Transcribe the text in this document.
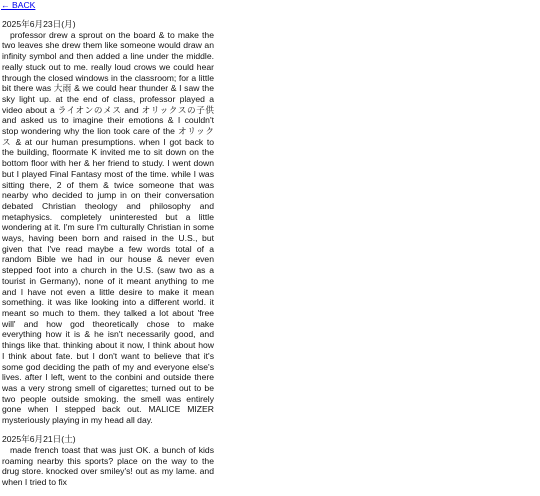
← BACK

2025年6月23日(月)

professor drew a sprout on the board & to make the two leaves she drew them like someone would draw an infinity symbol and then added a line under the middle. really stuck out to me. really loud crows we could hear through the closed windows in the classroom; for a little bit there was 大雨 & we could hear thunder & I saw the sky light up. at the end of class, professor played a video about a ライオンのメス and オリックスの子供 and asked us to imagine their emotions & I couldn't stop wondering why the lion took care of the オリックス & at our human presumptions. when I got back to the building, floormate K invited me to sit down on the bottom floor with her & her friend to study. I went down but I played Final Fantasy most of the time. while I was sitting there, 2 of them & twice someone that was nearby who decided to jump in on their conversation debated Christian theology and philosophy and metaphysics. completely uninterested but a little wondering at it. I'm sure I'm culturally Christian in some ways, having been born and raised in the U.S., but given that I've read maybe a few words total of a random Bible we had in our house & never even stepped foot into a church in the U.S. (saw two as a tourist in Germany), none of it meant anything to me and I have not even a little desire to make it mean something. it was like looking into a different world. it meant so much to them. they talked a lot about 'free will' and how god theoretically chose to make everything how it is & he isn't necessarily good, and things like that. thinking about it now, I think about how I think about fate. but I don't want to believe that it's some god deciding the path of my and everyone else's lives. after I left, went to the conbini and outside there was a very strong smell of cigarettes; turned out to be two people outside smoking. the smell was entirely gone when I stepped back out. MALICE MIZER mysteriously playing in my head all day.

2025年6月21日(土)

made french toast that was just OK. a bunch of kids roaming nearby this sports? place on the way to the drug store. knocked over smiley's! out as my lame. and when I tried to fix
